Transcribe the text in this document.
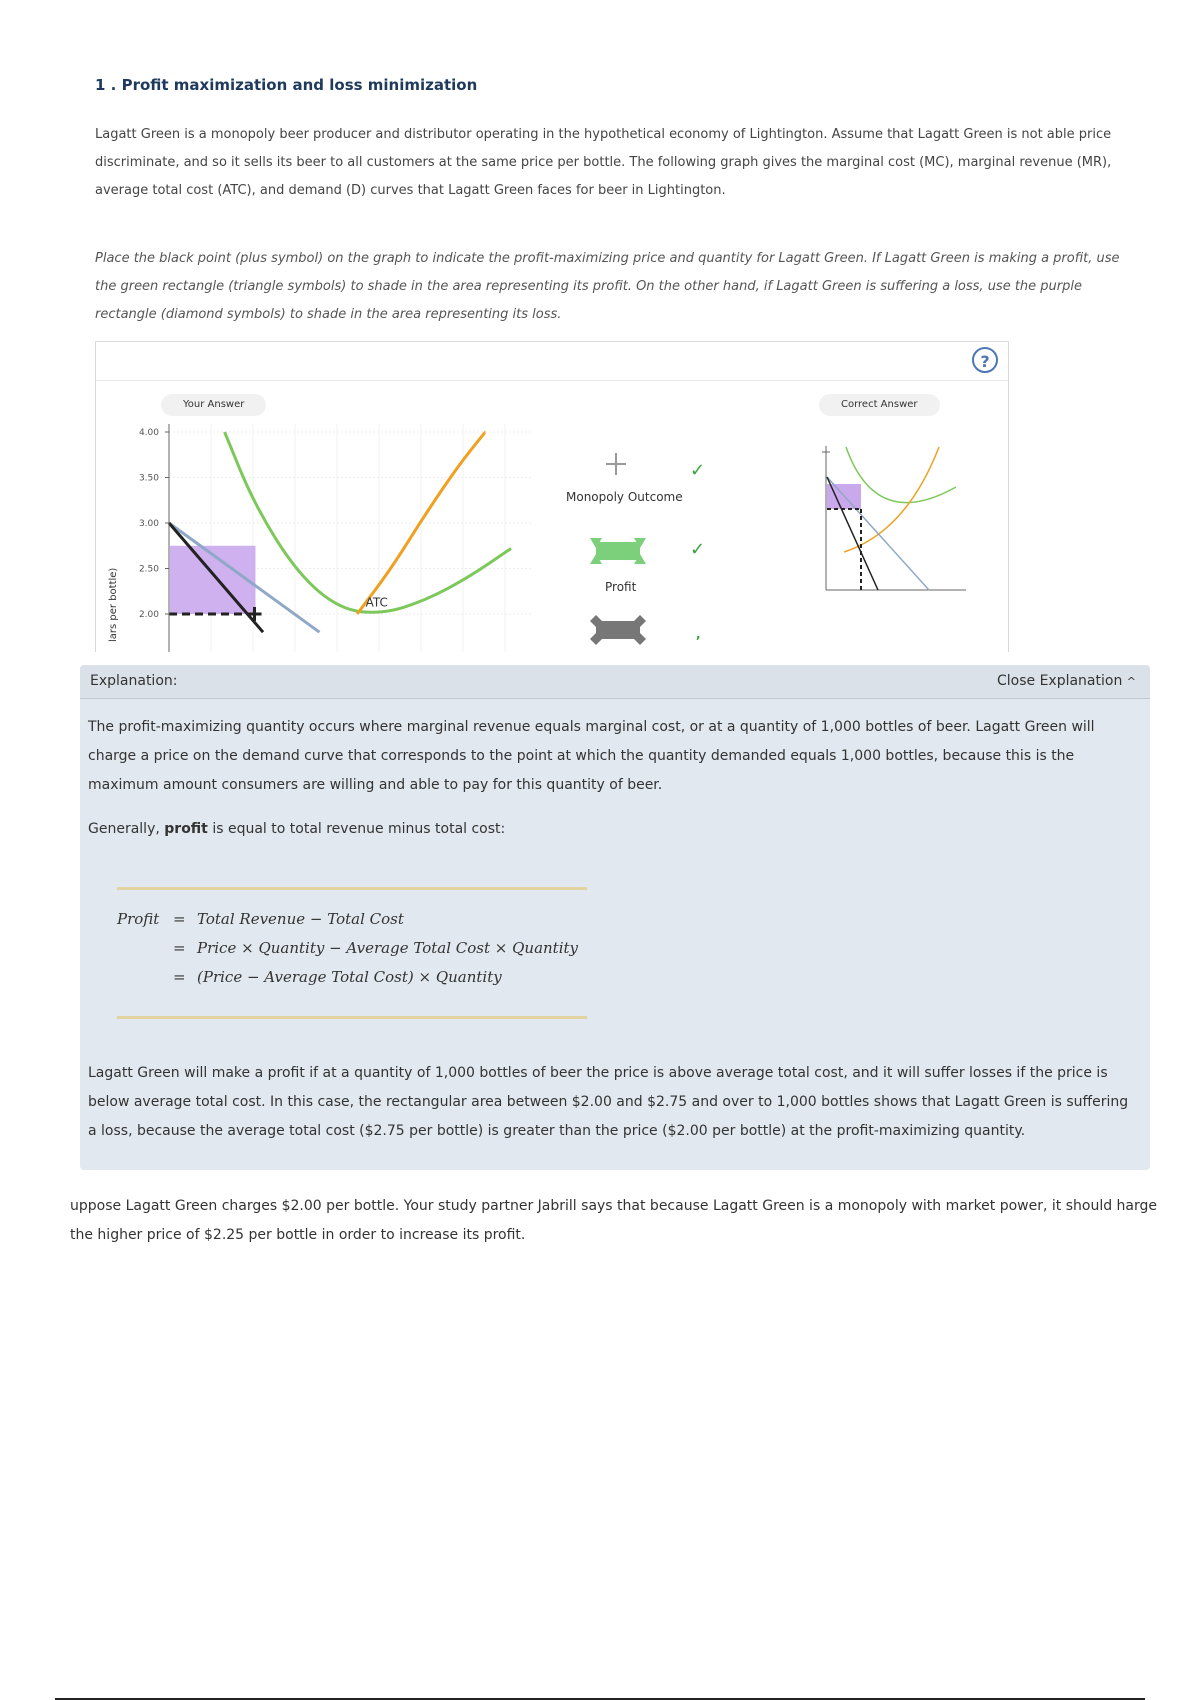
1 . Profit maximization and loss minimization
Lagatt Green is a monopoly beer producer and distributor operating in the hypothetical economy of Lightington. Assume that Lagatt Green is not able price discriminate, and so it sells its beer to all customers at the same price per bottle. The following graph gives the marginal cost (MC), marginal revenue (MR), average total cost (ATC), and demand (D) curves that Lagatt Green faces for beer in Lightington.
Place the black point (plus symbol) on the graph to indicate the profit-maximizing price and quantity for Lagatt Green. If Lagatt Green is making a profit, use the green rectangle (triangle symbols) to shade in the area representing its profit. On the other hand, if Lagatt Green is suffering a loss, use the purple rectangle (diamond symbols) to shade in the area representing its loss.
?
Your Answer	Correct Answer
lars per bottle)
4.00
3.50
3.00
2.50
2.00
ATC
Monopoly Outcome
Profit
✓
✓
,
Explanation:	Close Explanation ^
The profit-maximizing quantity occurs where marginal revenue equals marginal cost, or at a quantity of 1,000 bottles of beer. Lagatt Green will charge a price on the demand curve that corresponds to the point at which the quantity demanded equals 1,000 bottles, because this is the maximum amount consumers are willing and able to pay for this quantity of beer.
Generally, profit is equal to total revenue minus total cost:
Profit = Total Revenue − Total Cost
= Price × Quantity − Average Total Cost × Quantity
= (Price − Average Total Cost) × Quantity
Lagatt Green will make a profit if at a quantity of 1,000 bottles of beer the price is above average total cost, and it will suffer losses if the price is below average total cost. In this case, the rectangular area between $2.00 and $2.75 and over to 1,000 bottles shows that Lagatt Green is suffering a loss, because the average total cost ($2.75 per bottle) is greater than the price ($2.00 per bottle) at the profit-maximizing quantity.
uppose Lagatt Green charges $2.00 per bottle. Your study partner Jabrill says that because Lagatt Green is a monopoly with market power, it should harge the higher price of $2.25 per bottle in order to increase its profit.
